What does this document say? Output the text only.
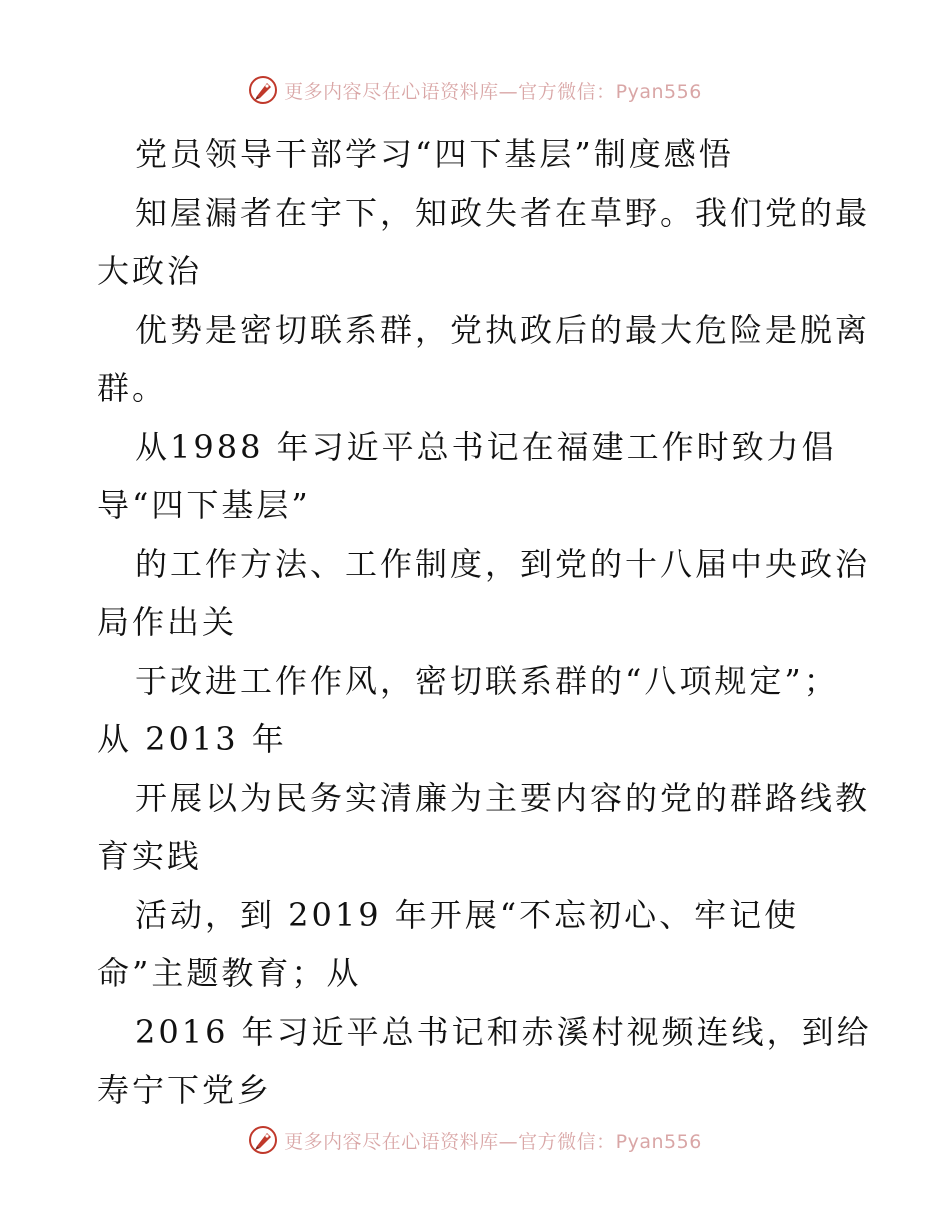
更多内容尽在心语资料库—官方微信：Pyan556
党员领导干部学习“四下基层”制度感悟
知屋漏者在宇下，知政失者在草野。我们党的最
大政治
优势是密切联系群，党执政后的最大危险是脱离
群。
从1988 年习近平总书记在福建工作时致力倡
导“四下基层”
的工作方法、工作制度，到党的十八届中央政治
局作出关
于改进工作作风，密切联系群的“八项规定”；
从 2013 年
开展以为民务实清廉为主要内容的党的群路线教
育实践
活动，到 2019 年开展“不忘初心、牢记使
命”主题教育；从
2016 年习近平总书记和赤溪村视频连线，到给
寿宁下党乡
更多内容尽在心语资料库—官方微信：Pyan556
